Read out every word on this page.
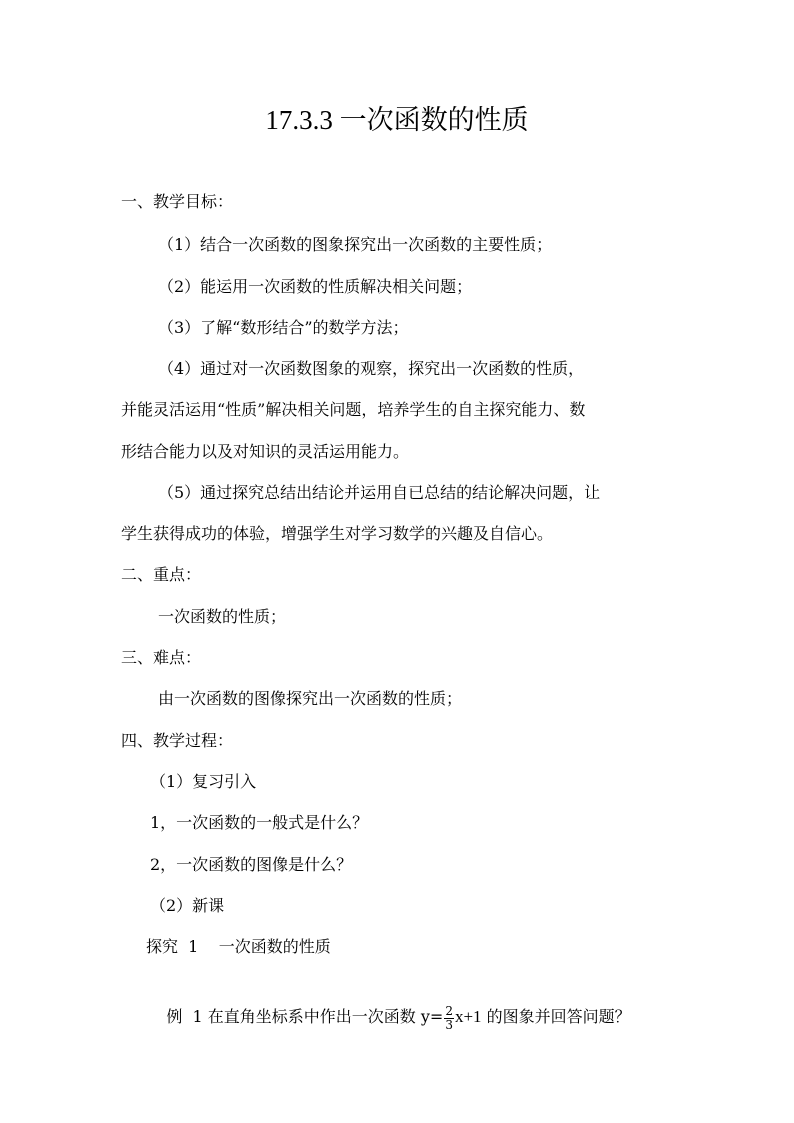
17.3.3 一次函数的性质
一、教学目标：
（1）结合一次函数的图象探究出一次函数的主要性质；
（2）能运用一次函数的性质解决相关问题；
（3）了解“数形结合”的数学方法；
（4）通过对一次函数图象的观察，探究出一次函数的性质，
并能灵活运用“性质”解决相关问题，培养学生的自主探究能力、数
形结合能力以及对知识的灵活运用能力。
（5）通过探究总结出结论并运用自已总结的结论解决问题，让
学生获得成功的体验，增强学生对学习数学的兴趣及自信心。
二、重点：
一次函数的性质；
三、难点：
由一次函数的图像探究出一次函数的性质；
四、教学过程：
（1）复习引入
1，一次函数的一般式是什么？
2，一次函数的图像是什么？
（2）新课
探究  1    一次函数的性质

例  1 在直角坐标系中作出一次函数 $y= \frac{2}{3} x+1$ 的图象并回答问题？
